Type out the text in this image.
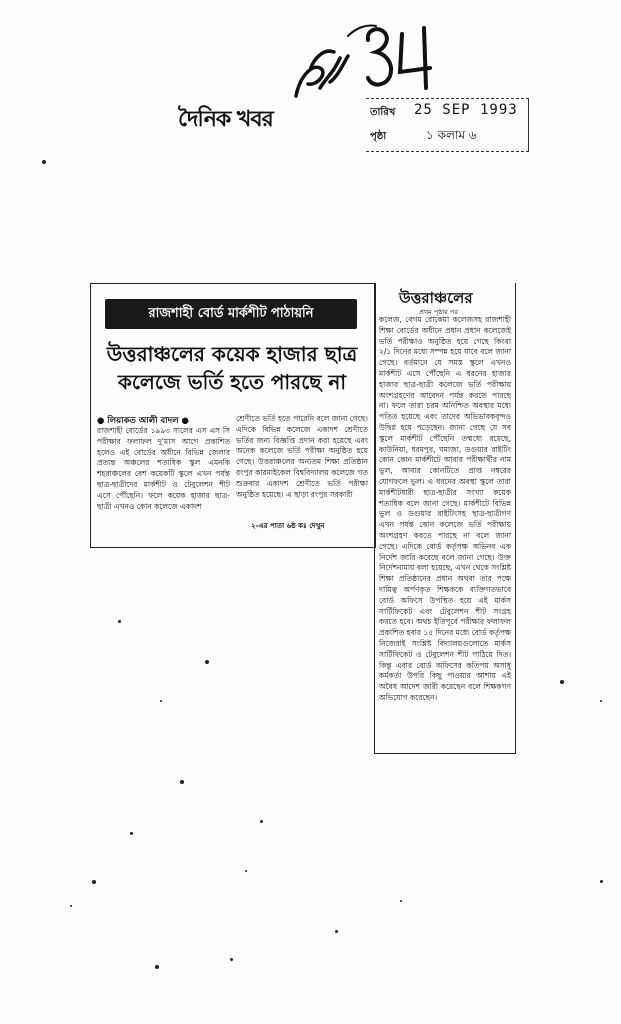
দৈনিক খবর	তারিখ 25 SEP 1993
পৃষ্ঠা	১ কলাম ৬
রাজশাহী বোর্ড মার্কশীট পাঠায়নি
উত্তরাঞ্চলের কয়েক হাজার ছাত্র কলেজে ভর্তি হতে পারছে না
● লিয়াকত আলী বাদল ●
রাজশাহী বোর্ডের ১৯৯৩ সালের এস এস সি পরীক্ষার ফলাফল দু'মাস আগে প্রকাশিত হলেও এই বোর্ডের অধীনে বিভিন্ন জেলার প্রত্যন্ত অঞ্চলের শতাধিক স্কুল এমনকি শহরাঞ্চলের বেশ কয়েকটি স্কুলে এখন পর্যন্ত ছাত্র-ছাত্রীদের মার্কশীট ও টেবুলেশন শীট এসে পৌঁছেনি। ফলে কয়েক হাজার ছাত্র-ছাত্রী এখনও কোন কলেজে একাদশ
শ্রেণীতে ভর্তি হতে পারেনি বলে জানা গেছে। এদিকে বিভিন্ন কলেজে একাদশ শ্রেণীতে ভর্তির জন্য বিজ্ঞপ্তি প্রদান করা হয়েছে এবং অনেক কলেজে ভর্তি পরীক্ষা অনুষ্ঠিত হয়ে গেছে। উত্তরাঞ্চলের অন্যতম শিক্ষা প্রতিষ্ঠান রংপুর কারমাইকেল বিশ্ববিদ্যালয় কলেজে গত শুক্রবার একাদশ শ্রেণীতে ভর্তি পরীক্ষা অনুষ্ঠিত হয়েছে। এ ছাড়া রংপুর সরকারী
২-এর পাতা ৬ষ্ঠ কঃ দেখুন
উত্তরাঞ্চলের
প্রথম পৃষ্ঠার পর
কলেজ, বেগম রোকেয়া কলেজসহ রাজশাহী শিক্ষা বোর্ডের অধীনে প্রধান প্রধান কলেজেই ভর্তি পরীক্ষাও অনুষ্ঠিত হয়ে গেছে কিংবা ২/১ দিনের মধ্যে সম্পন্ন হয়ে যাবে বলে জানা গেছে। বর্তমানে যে সমস্ত স্কুলে এখনও মার্কশীট এসে পৌঁছেনি এ ধরনের হাজার হাজার ছাত্র-ছাত্রী কলেজে ভর্তি পরীক্ষায় অংশগ্রহণের আবেদন পর্যন্ত করতে পারছে না। ফলে তারা চরম অনিশ্চিত অবস্থার মধ্যে পতিত হয়েছে এবং তাদের অভিভাবকবৃন্দও উদ্বিগ্ন হয়ে পড়েছেন। জানা গেছে যে সব স্কুলে মার্কশীট পৌঁছেনি তন্মধ্যে রয়েছে, কাউনিয়া, ধরমপুর, ঘমাজা, ডগুয়ার রাইটিং কোন কোন মার্কশীটে আবার পরীক্ষার্থীর নাম ভুল, আবার কোনটিতে প্রাপ্ত নম্বরের যোগফলে ভুল। এ ধরনের অবস্থা স্কুলে তারা মার্কশীটধারী ছাত্র-ছাত্রীর সংখ্যা কয়েক শতাধিক বলে জানা গেছে। মার্কশীটে বিভিন্ন ভুল ও ডগুয়ার রাইটিংসহ ছাত্র-ছাত্রীগণ এখন পর্যন্ত কোন কলেজে ভর্তি পরীক্ষায় অংশগ্রহণ করতে পারছে না বলে জানা গেছে। এদিকে বোর্ড কর্তৃপক্ষ অভিনব এক নির্দেশ জারি করেছে বলে জানা গেছে। উক্ত নির্দেশনামায় বলা হয়েছে, এখন থেকে সংশ্লিষ্ট শিক্ষা প্রতিষ্ঠানের প্রধান অথবা তার পক্ষে দায়িত্ব অর্পণকৃত শিক্ষককে ব্যক্তিগতভাবে বোর্ড অফিসে উপস্থিত হয়ে এই মার্কস সার্টিফিকেট এবং টেবুলেশন শীট সংগ্রহ করতে হবে। অথচ ইতিপূর্বে পরীক্ষার ফলাফল প্রকাশিত হবার ১৫ দিনের মধ্যে বোর্ড কর্তৃপক্ষ নিজেরাই সংশ্লিষ্ট বিদ্যালয়গুলোতে মার্কস সার্টিফিকেট ও টেবুলেশন শীট পাঠিয়ে দিত। কিন্তু এবার বোর্ড অফিসের কতিপয় অসাধু কর্মকর্তা উপরি কিছু পাওয়ার আশায় এই অবৈধ আদেশ জারী করেছেন বলে শিক্ষকগণ অভিযোগ করেছেন।
